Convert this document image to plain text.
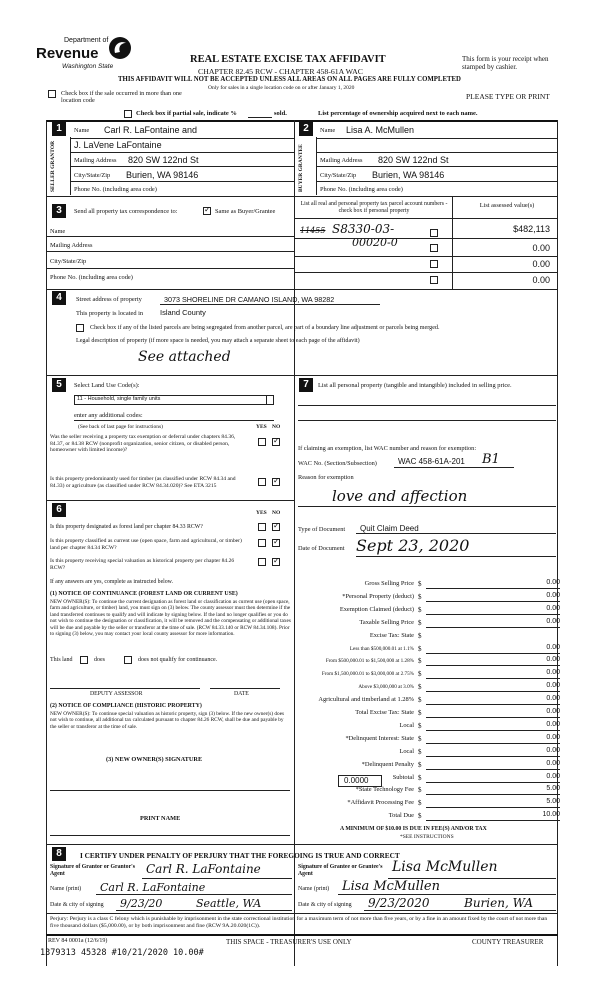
Department of
Revenue
Washington State
REAL ESTATE EXCISE TAX AFFIDAVIT
CHAPTER 82.45 RCW - CHAPTER 458-61A WAC
THIS AFFIDAVIT WILL NOT BE ACCEPTED UNLESS ALL AREAS ON ALL PAGES ARE FULLY COMPLETED
Only for sales in a single location code on or after January 1, 2020
This form is your receipt when stamped by cashier.
PLEASE TYPE OR PRINT
Check box if the sale occurred in more than one location code
Check box if partial sale, indicate %	sold.	List percentage of ownership acquired next to each name.
1
SELLER GRANTOR
Name Carl R. LaFontaine and
J. LaVene LaFontaine
Mailing Address 820 SW 122nd St
City/State/Zip Burien, WA 98146
Phone No. (including area code)
2
BUYER GRANTEE
Name Lisa A. McMullen
Mailing Address 820 SW 122nd St
City/State/Zip Burien, WA 98146
Phone No. (including area code)
3	Send all property tax correspondence to:
✓	Same as Buyer/Grantee
List all real and personal property tax parcel account numbers - check box if personal property
List assessed value(s)
Name
Mailing Address
City/State/Zip
Phone No. (including area code)
11455 S8330-03-
00020-0
$482,113
0.00
0.00
0.00
4	Street address of property	3073 SHORELINE DR CAMANO ISLAND, WA 98282
This property is located in Island County
Check box if any of the listed parcels are being segregated from another parcel, are part of a boundary line adjustment or parcels being merged.
Legal description of property (if more space is needed, you may attach a separate sheet to each page of the affidavit)
See attached
5	Select Land Use Code(s):
11 - Household, single family units
enter any additional codes:
(See back of last page for instructions)	YES NO
Was the seller receiving a property tax exemption or deferral under chapters 84.36, 84.37, or 84.38 RCW (nonprofit organization, senior citizen, or disabled person, homeowner with limited income)?
✓
Is this property predominantly used for timber (as classified under RCW 84.34 and 84.33) or agriculture (as classified under RCW 84.34.020)? See ETA 3215
✓
6	YES NO
Is this property designated as forest land per chapter 84.33 RCW?
✓
Is this property classified as current use (open space, farm and agricultural, or timber) land per chapter 84.34 RCW?
✓
Is this property receiving special valuation as historical property per chapter 84.26 RCW?
✓
If any answers are yes, complete as instructed below.
(1) NOTICE OF CONTINUANCE (FOREST LAND OR CURRENT USE)
NEW OWNER(S): To continue the current designation as forest land or classification as current use (open space, farm and agriculture, or timber) land, you must sign on (3) below. The county assessor must then determine if the land transferred continues to qualify and will indicate by signing below. If the land no longer qualifies or you do not wish to continue the designation or classification, it will be removed and the compensating or additional taxes will be due and payable by the seller or transferor at the time of sale. (RCW 84.33.140 or RCW 84.34.108). Prior to signing (3) below, you may contact your local county assessor for more information.
This land	does	does not qualify for continuance.
DEPUTY ASSESSOR	DATE
(2) NOTICE OF COMPLIANCE (HISTORIC PROPERTY)
NEW OWNER(S): To continue special valuation as historic property, sign (3) below. If the new owner(s) does not wish to continue, all additional tax calculated pursuant to chapter 84.26 RCW, shall be due and payable by the seller or transferor at the time of sale.
(3) NEW OWNER(S) SIGNATURE
PRINT NAME
7	List all personal property (tangible and intangible) included in selling price.
If claiming an exemption, list WAC number and reason for exemption:
WAC No. (Section/Subsection)	WAC 458-61A-201 B1
Reason for exemption
love and affection
Type of Document Quit Claim Deed
Date of Document Sept 23, 2020
Gross Selling Price $	0.00
*Personal Property (deduct) $	0.00
Exemption Claimed (deduct) $	0.00
Taxable Selling Price $	0.00
Excise Tax: State $
Less than $500,000.01 at 1.1% $	0.00
From $500,000.01 to $1,500,000 at 1.28% $	0.00
From $1,500,000.01 to $3,000,000 at 2.75% $	0.00
Above $3,000,000 at 3.0% $	0.00
Agricultural and timberland at 1.28% $	0.00
Total Excise Tax: State $	0.00
Local $	0.00
*Delinquent Interest: State $	0.00
Local $	0.00
*Delinquent Penalty $	0.00
Subtotal $	0.00
*State Technology Fee $	5.00
*Affidavit Processing Fee $	5.00
Total Due $	10.00
0.0000
A MINIMUM OF $10.00 IS DUE IN FEE(S) AND/OR TAX
*SEE INSTRUCTIONS
8	I CERTIFY UNDER PENALTY OF PERJURY THAT THE FOREGOING IS TRUE AND CORRECT
Signature of Grantor or Grantor's Agent	Carl R. LaFontaine
Name (print) Carl R. LaFontaine
Date & city of signing 9/23/20	Seattle, WA
Signature of Grantee or Grantee's Agent	Lisa McMullen
Name (print) Lisa McMullen
Date & city of signing 9/23/2020	Burien, WA
Perjury: Perjury is a class C felony which is punishable by imprisonment in the state correctional institution for a maximum term of not more than five years, or by a fine in an amount fixed by the court of not more than five thousand dollars ($5,000.00), or by both imprisonment and fine (RCW 9A.20.020(1C)).
REV 84 0001a (12/6/19)	THIS SPACE - TREASURER'S USE ONLY	COUNTY TREASURER
1379313 45328 #10/21/2020 10.00#
